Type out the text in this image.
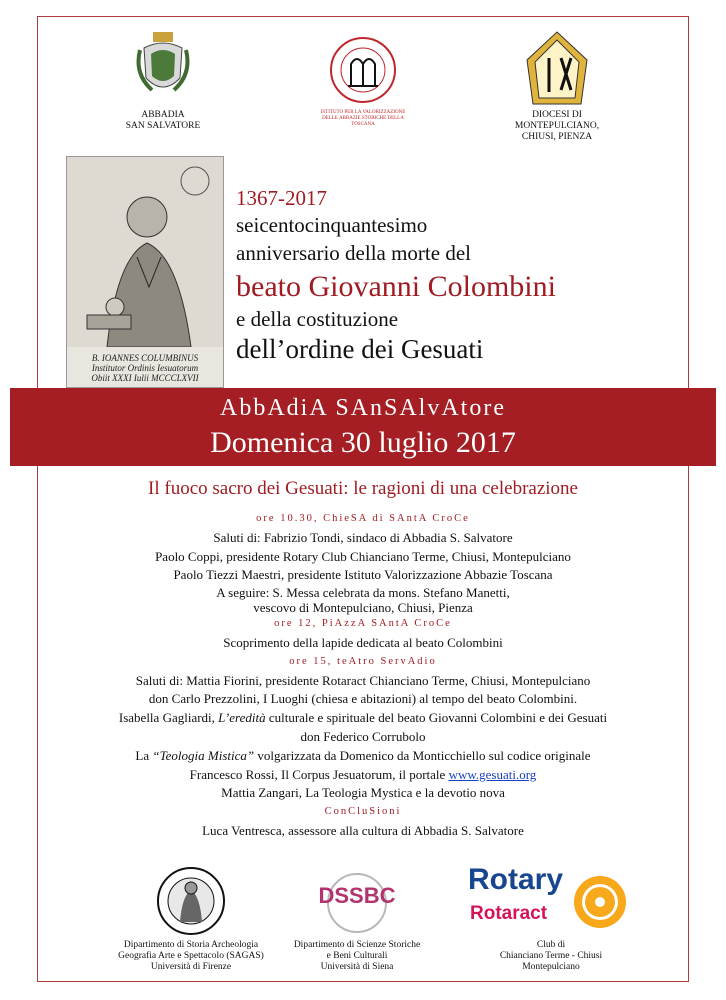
ABBADIA
SAN SALVATORE
ISTITUTO PER LA VALORIZZAZIONE DELLE ABBAZIE STORICHE DELLA TOSCANA
DIOCESI DI
MONTEPULCIANO,
CHIUSI, PIENZA
B. IOANNES COLUMBINUS
Institutor Ordinis Iesuatorum
Obiit XXXI Iulii MCCCLXVII
1367-2017
seicentocinquantesimo
anniversario della morte del
beato Giovanni Colombini
e della costituzione
dell’ordine dei Gesuati
AbbAdiA SAnSAlvAtore
Domenica 30 luglio 2017
Il fuoco sacro dei Gesuati: le ragioni di una celebrazione
ore 10.30, ChieSA di SAntA CroCe
Saluti di: Fabrizio Tondi, sindaco di Abbadia S. Salvatore
Paolo Coppi, presidente Rotary Club Chianciano Terme, Chiusi, Montepulciano
Paolo Tiezzi Maestri, presidente Istituto Valorizzazione Abbazie Toscana
A seguire: S. Messa celebrata da mons. Stefano Manetti,
vescovo di Montepulciano, Chiusi, Pienza
ore 12, PiAzzA SAntA CroCe
Scoprimento della lapide dedicata al beato Colombini
ore 15, teAtro ServAdio
Saluti di: Mattia Fiorini, presidente Rotaract Chianciano Terme, Chiusi, Montepulciano
don Carlo Prezzolini, I Luoghi (chiesa e abitazioni) al tempo del beato Colombini.
Isabella Gagliardi, L’eredità culturale e spirituale del beato Giovanni Colombini e dei Gesuati
don Federico Corrubolo
La “Teologia Mistica” volgarizzata da Domenico da Monticchiello sul codice originale
Francesco Rossi, Il Corpus Jesuatorum, il portale www.gesuati.org
Mattia Zangari, La Teologia Mystica e la devotio nova
ConCluSioni
Luca Ventresca, assessore alla cultura di Abbadia S. Salvatore
Dipartimento di Storia Archeologia
Geografia Arte e Spettacolo (SAGAS)
Università di Firenze
DSSBC
Dipartimento di Scienze Storiche
e Beni Culturali
Università di Siena
Rotary
Rotaract
Club di
Chianciano Terme - Chiusi
Montepulciano
